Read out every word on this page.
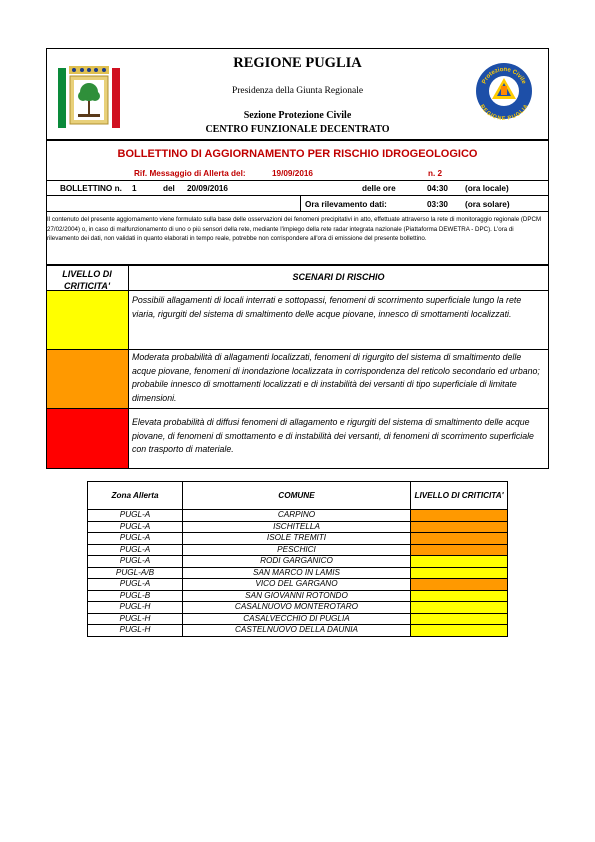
Protezione Civile
REGIONE PUGLIA
REGIONE PUGLIA
Presidenza della Giunta Regionale
Sezione Protezione Civile
CENTRO FUNZIONALE DECENTRATO
BOLLETTINO DI AGGIORNAMENTO PER RISCHIO IDROGEOLOGICO
Rif. Messaggio di Allerta del:	19/09/2016	n. 2
BOLLETTINO n. 1	del 20/09/2016	delle ore	04:30 (ora locale)
Ora rilevamento dati:	03:30 (ora solare)
Il contenuto del presente aggiornamento viene formulato sulla base delle osservazioni dei fenomeni precipitativi in atto, effettuate attraverso la rete di monitoraggio regionale (DPCM 27/02/2004) o, in caso di malfunzionamento di uno o più sensori della rete, mediante l'impiego della rete radar integrata nazionale (Piattaforma DEWETRA - DPC). L'ora di rilevamento dei dati, non validati in quanto elaborati in tempo reale, potrebbe non corrispondere all'ora di emissione del presente bollettino.
LIVELLO DI CRITICITA'
SCENARI DI RISCHIO
Possibili allagamenti di locali interrati e sottopassi, fenomeni di scorrimento superficiale lungo la rete viaria, rigurgiti del sistema di smaltimento delle acque piovane, innesco di smottamenti localizzati.
Moderata probabilità di allagamenti localizzati, fenomeni di rigurgito del sistema di smaltimento delle acque piovane, fenomeni di inondazione localizzata in corrispondenza del reticolo secondario ed urbano; probabile innesco di smottamenti localizzati e di instabilità dei versanti di tipo superficiale di limitate dimensioni.
Elevata probabilità di diffusi fenomeni di allagamento e rigurgiti del sistema di smaltimento delle acque piovane, di fenomeni di smottamento e di instabilità dei versanti, di fenomeni di scorrimento superficiale con trasporto di materiale.
Zona Allerta	COMUNE	LIVELLO DI CRITICITA'
PUGL-A	CARPINO	
PUGL-A	ISCHITELLA	
PUGL-A	ISOLE TREMITI	
PUGL-A	PESCHICI	
PUGL-A	RODI GARGANICO	
PUGL-A/B	SAN MARCO IN LAMIS	
PUGL-A	VICO DEL GARGANO	
PUGL-B	SAN GIOVANNI ROTONDO	
PUGL-H	CASALNUOVO MONTEROTARO	
PUGL-H	CASALVECCHIO DI PUGLIA	
PUGL-H	CASTELNUOVO DELLA DAUNIA	
